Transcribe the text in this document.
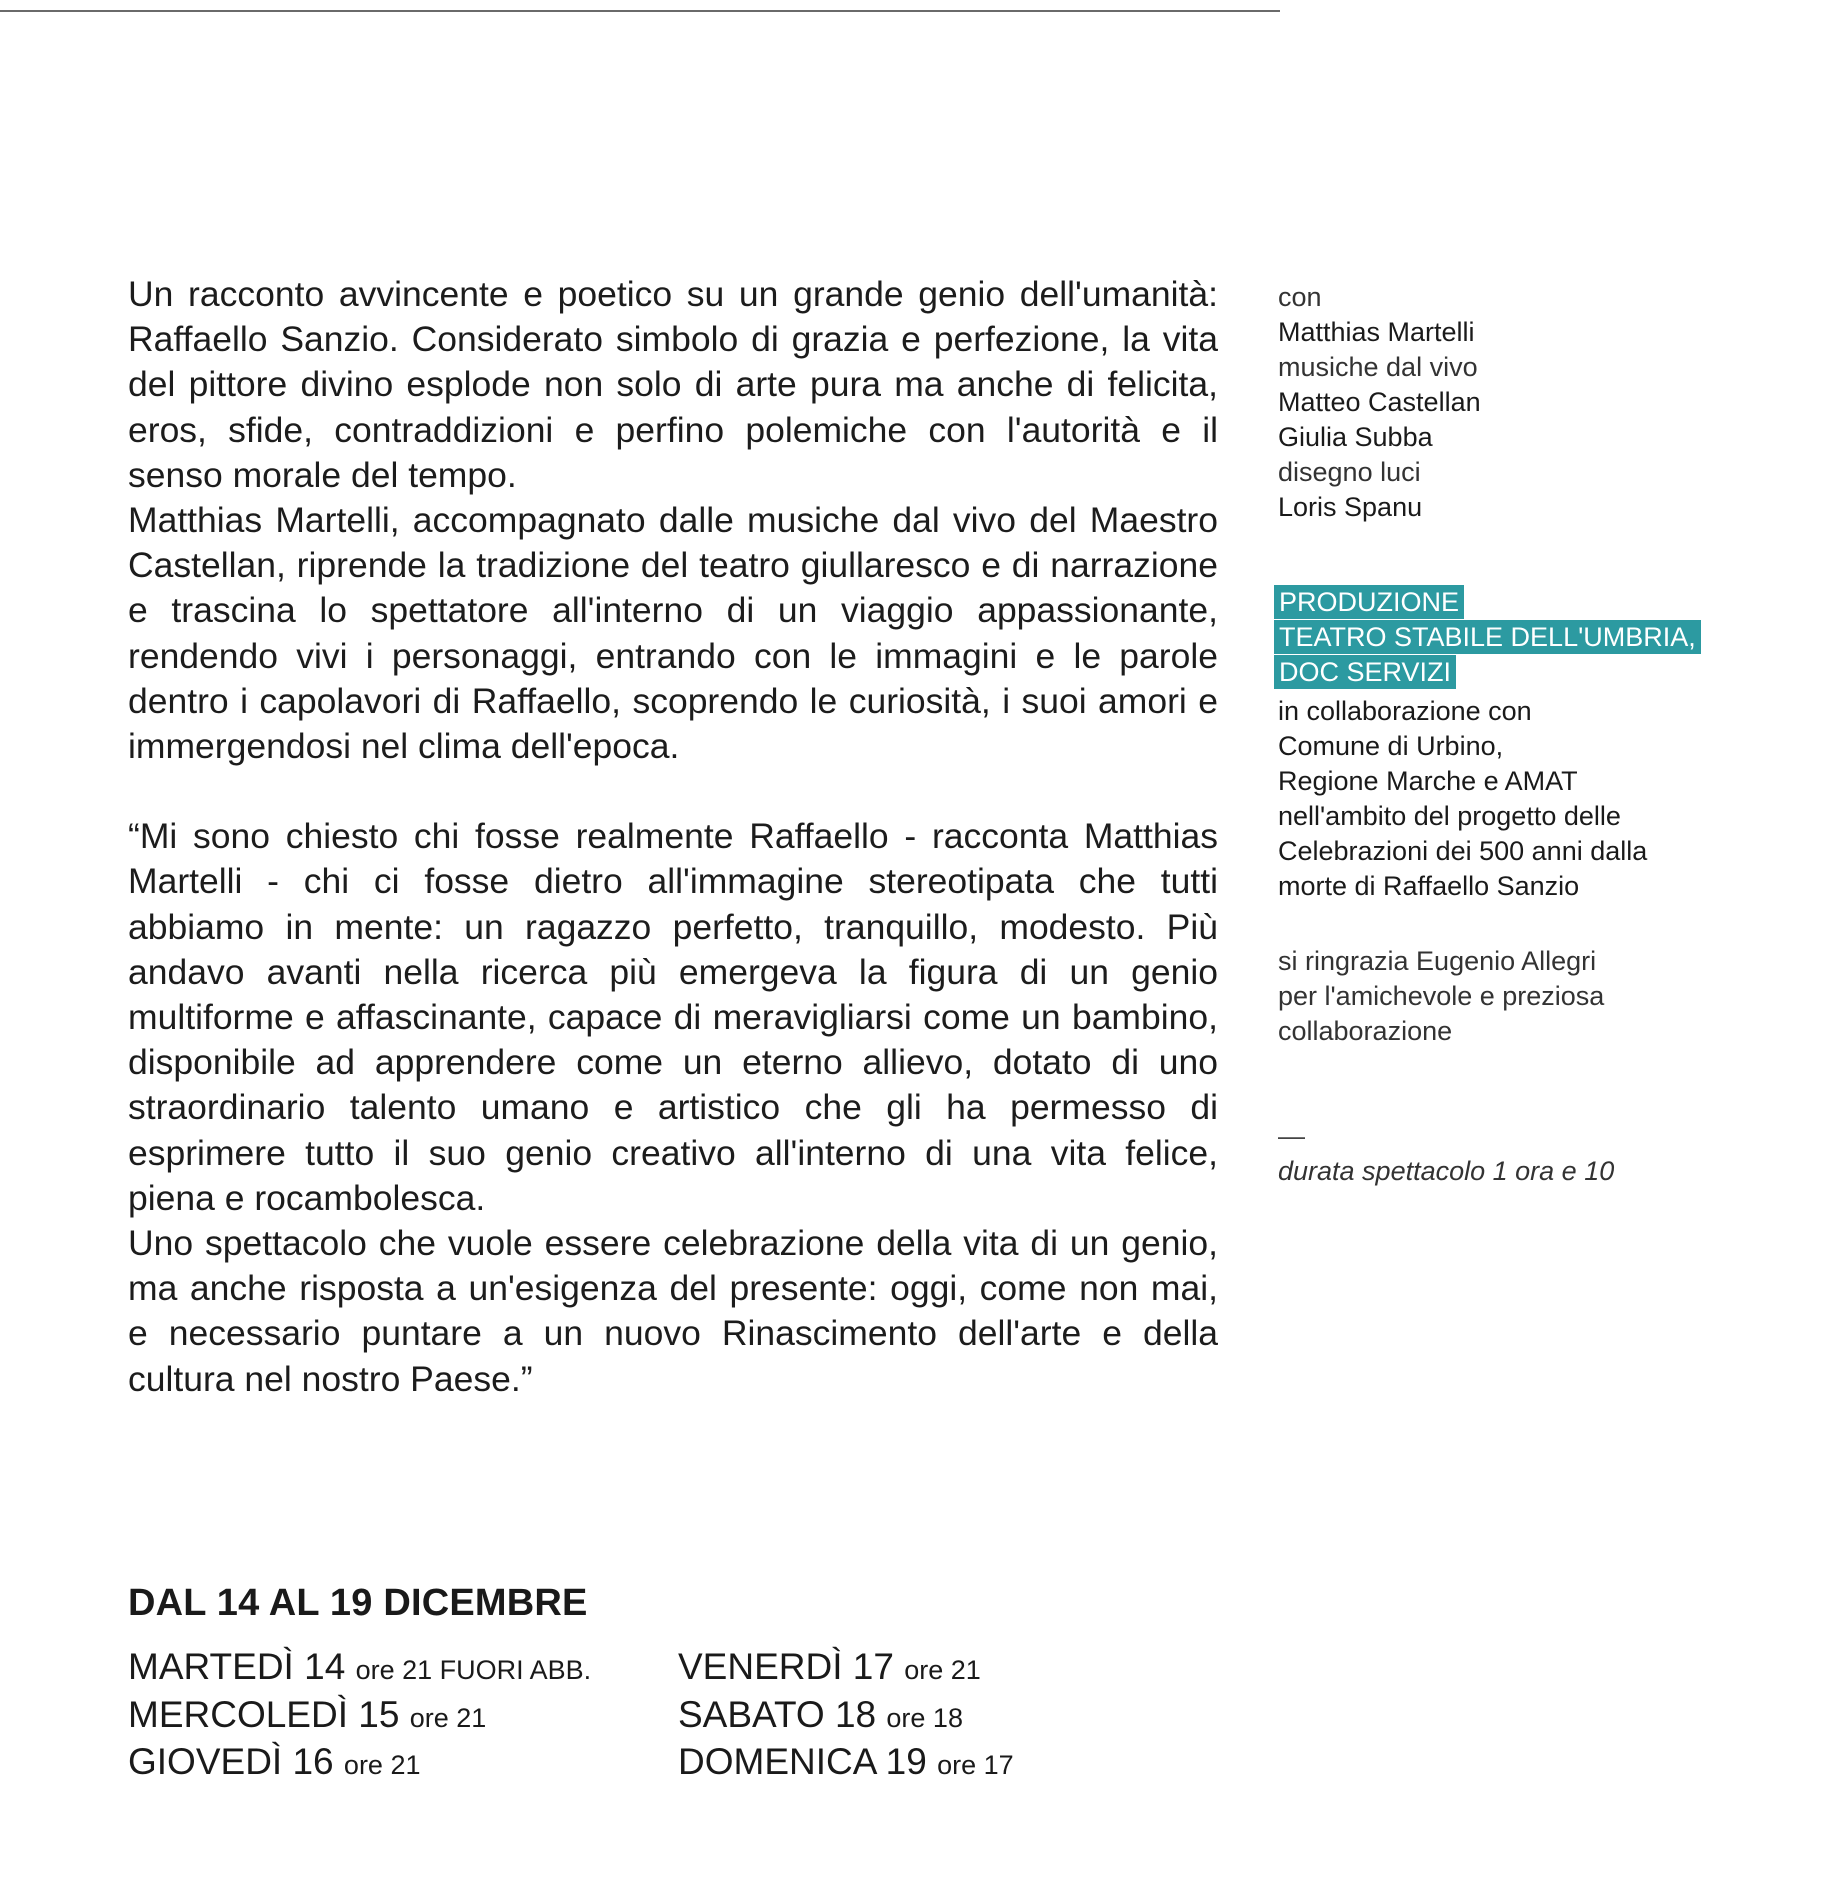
Un racconto avvincente e poetico su un grande genio dell'umanità: Raffaello Sanzio. Considerato simbolo di grazia e perfezione, la vita del pittore divino esplode non solo di arte pura ma anche di felicita, eros, sfide, contraddizioni e perfino polemiche con l'autorità e il senso morale del tempo.

Matthias Martelli, accompagnato dalle musiche dal vivo del Maestro Castellan, riprende la tradizione del teatro giullaresco e di narrazione e trascina lo spettatore all'interno di un viaggio appassionante, rendendo vivi i personaggi, entrando con le immagini e le parole dentro i capolavori di Raffaello, scoprendo le curiosità, i suoi amori e immergendosi nel clima dell'epoca.

“Mi sono chiesto chi fosse realmente Raffaello - racconta Matthias Martelli - chi ci fosse dietro all'immagine stereotipata che tutti abbiamo in mente: un ragazzo perfetto, tranquillo, modesto. Più andavo avanti nella ricerca più emergeva la figura di un genio multiforme e affascinante, capace di meravigliarsi come un bambino, disponibile ad apprendere come un eterno allievo, dotato di uno straordinario talento umano e artistico che gli ha permesso di esprimere tutto il suo genio creativo all'interno di una vita felice, piena e rocambolesca.

Uno spettacolo che vuole essere celebrazione della vita di un genio, ma anche risposta a un'esigenza del presente: oggi, come non mai, e necessario puntare a un nuovo Rinascimento dell'arte e della cultura nel nostro Paese.”

con
Matthias Martelli
musiche dal vivo
Matteo Castellan
Giulia Subba
disegno luci
Loris Spanu
PRODUZIONE
TEATRO STABILE DELL'UMBRIA,
DOC SERVIZI
in collaborazione con
Comune di Urbino,
Regione Marche e AMAT
nell'ambito del progetto delle
Celebrazioni dei 500 anni dalla
morte di Raffaello Sanzio
si ringrazia Eugenio Allegri
per l'amichevole e preziosa
collaborazione
—
durata spettacolo 1 ora e 10
DAL 14 AL 19 DICEMBRE
MARTEDÌ 14 ore 21 FUORI ABB.
MERCOLEDÌ 15 ore 21
GIOVEDÌ 16 ore 21
VENERDÌ 17 ore 21
SABATO 18 ore 18
DOMENICA 19 ore 17
